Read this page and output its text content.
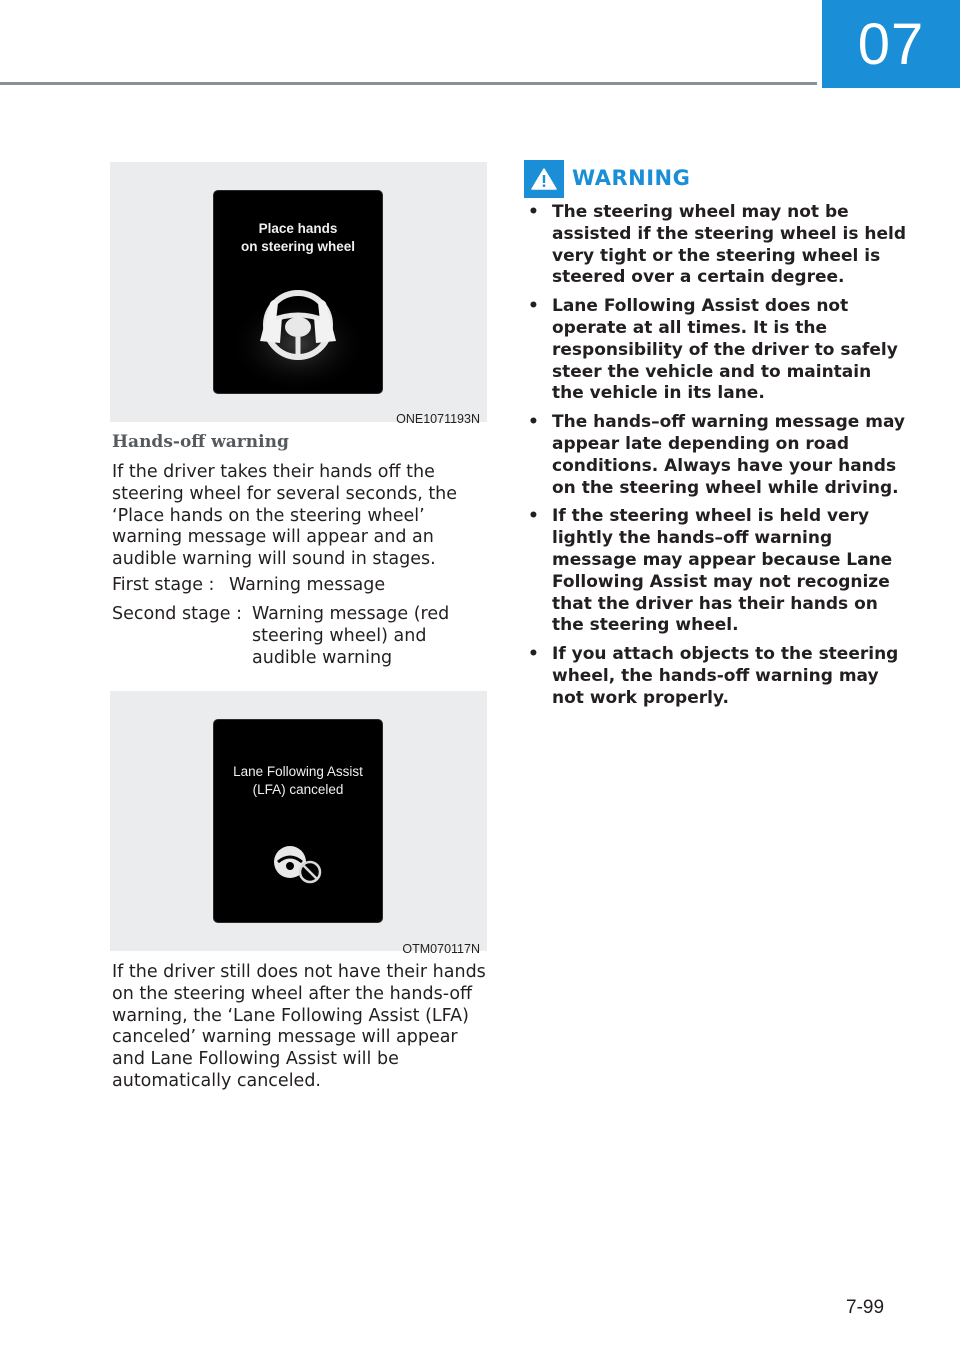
07
Place hands
on steering wheel
ONE1071193N
Hands-off warning
If the driver takes their hands off the steering wheel for several seconds, the ‘Place hands on the steering wheel’ warning message will appear and an audible warning will sound in stages.
First stage : Warning message
Second stage : Warning message (red steering wheel) and audible warning
Lane Following Assist
(LFA) canceled
OTM070117N
If the driver still does not have their hands on the steering wheel after the hands-off warning, the ‘Lane Following Assist (LFA) canceled’ warning message will appear and Lane Following Assist will be automatically canceled.
WARNING
• The steering wheel may not be assisted if the steering wheel is held very tight or the steering wheel is steered over a certain degree.
• Lane Following Assist does not operate at all times. It is the responsibility of the driver to safely steer the vehicle and to maintain the vehicle in its lane.
• The hands–off warning message may appear late depending on road conditions. Always have your hands on the steering wheel while driving.
• If the steering wheel is held very lightly the hands–off warning message may appear because Lane Following Assist may not recognize that the driver has their hands on the steering wheel.
• If you attach objects to the steering wheel, the hands-off warning may not work properly.
7-99
